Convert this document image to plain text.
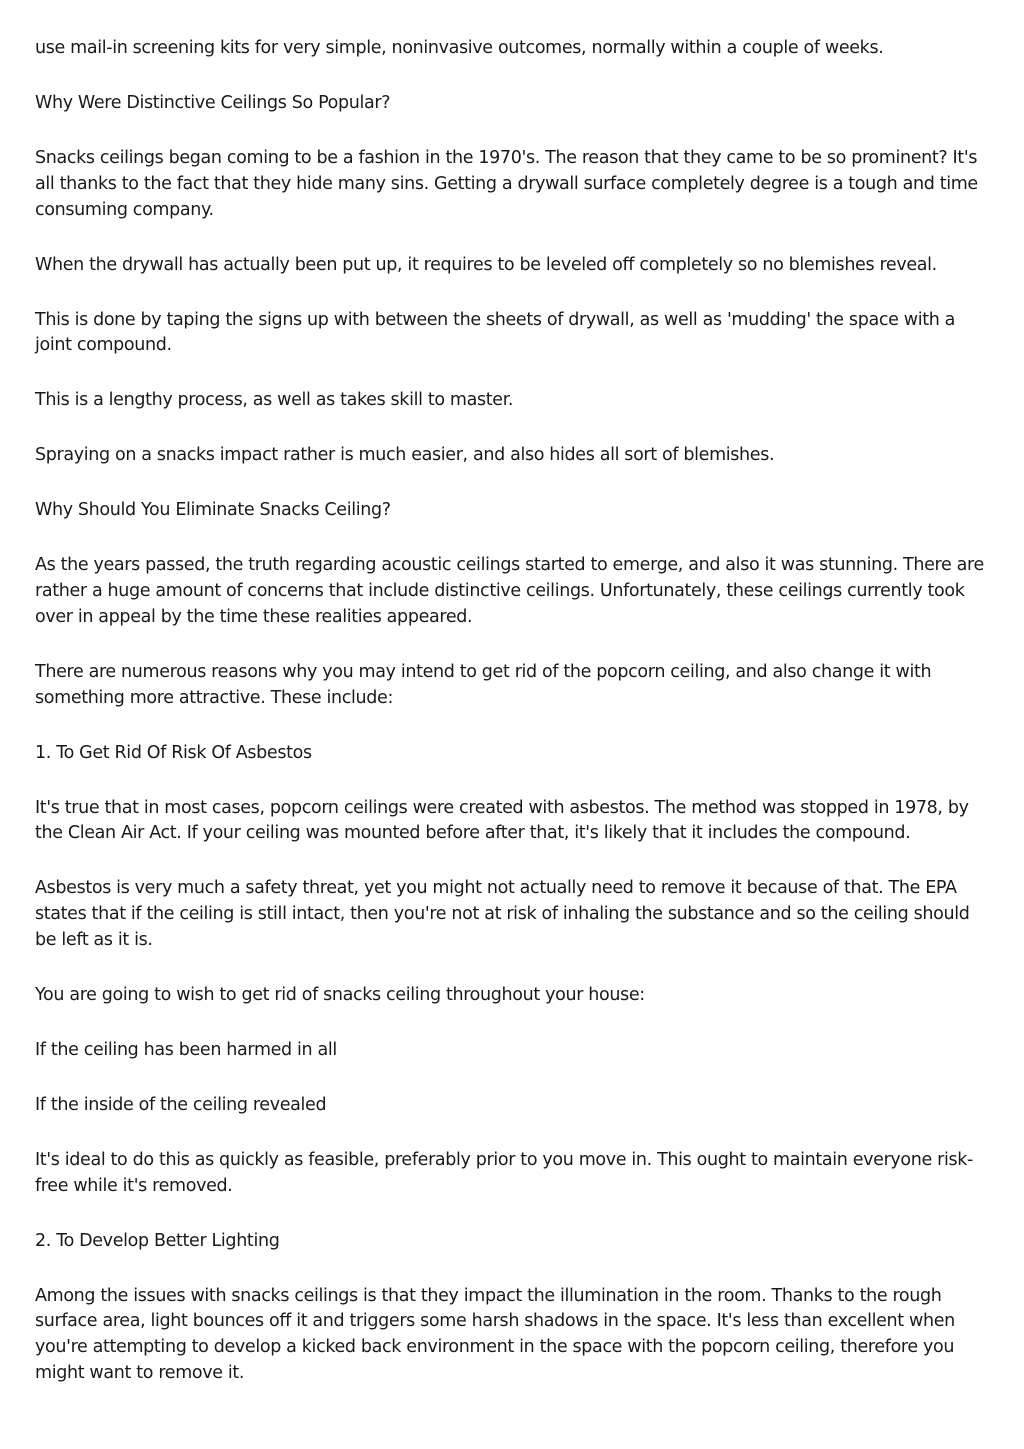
use mail-in screening kits for very simple, noninvasive outcomes, normally within a couple of weeks.

Why Were Distinctive Ceilings So Popular?

Snacks ceilings began coming to be a fashion in the 1970's. The reason that they came to be so prominent? It's all thanks to the fact that they hide many sins. Getting a drywall surface completely degree is a tough and time consuming company.

When the drywall has actually been put up, it requires to be leveled off completely so no blemishes reveal.

This is done by taping the signs up with between the sheets of drywall, as well as 'mudding' the space with a joint compound.

This is a lengthy process, as well as takes skill to master.

Spraying on a snacks impact rather is much easier, and also hides all sort of blemishes.

Why Should You Eliminate Snacks Ceiling?

As the years passed, the truth regarding acoustic ceilings started to emerge, and also it was stunning. There are rather a huge amount of concerns that include distinctive ceilings. Unfortunately, these ceilings currently took over in appeal by the time these realities appeared.

There are numerous reasons why you may intend to get rid of the popcorn ceiling, and also change it with something more attractive. These include:

1. To Get Rid Of Risk Of Asbestos

It's true that in most cases, popcorn ceilings were created with asbestos. The method was stopped in 1978, by the Clean Air Act. If your ceiling was mounted before after that, it's likely that it includes the compound.

Asbestos is very much a safety threat, yet you might not actually need to remove it because of that. The EPA states that if the ceiling is still intact, then you're not at risk of inhaling the substance and so the ceiling should be left as it is.

You are going to wish to get rid of snacks ceiling throughout your house:

If the ceiling has been harmed in all

If the inside of the ceiling revealed

It's ideal to do this as quickly as feasible, preferably prior to you move in. This ought to maintain everyone risk-free while it's removed.

2. To Develop Better Lighting

Among the issues with snacks ceilings is that they impact the illumination in the room. Thanks to the rough surface area, light bounces off it and triggers some harsh shadows in the space. It's less than excellent when you're attempting to develop a kicked back environment in the space with the popcorn ceiling, therefore you might want to remove it.
